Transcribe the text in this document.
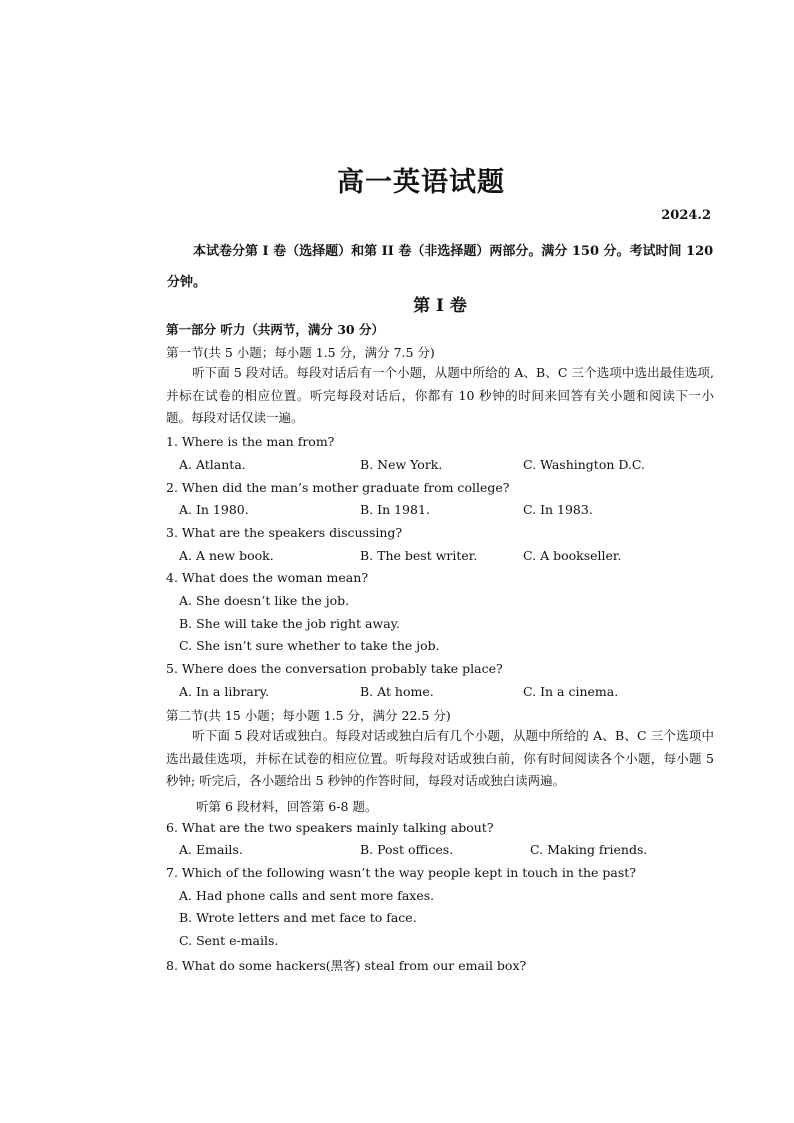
高一英语试题
2024.2
本试卷分第 I 卷（选择题）和第 II 卷（非选择题）两部分。满分 150 分。考试时间 120 分钟。
第 I 卷
第一部分 听力（共两节，满分 30 分）
第一节(共 5 小题；每小题 1.5 分，满分 7.5 分)
听下面 5 段对话。每段对话后有一个小题，从题中所给的 A、B、C 三个选项中选出最佳选项,并标在试卷的相应位置。听完每段对话后，你都有 10 秒钟的时间来回答有关小题和阅读下一小题。每段对话仅读一遍。
1. Where is the man from?
A. Atlanta.	B. New York.	C. Washington D.C.
2. When did the man’s mother graduate from college?
A. In 1980.	B. In 1981.	C. In 1983.
3. What are the speakers discussing?
A. A new book.	B. The best writer.	C. A bookseller.
4. What does the woman mean?
A. She doesn’t like the job.
B. She will take the job right away.
C. She isn’t sure whether to take the job.
5. Where does the conversation probably take place?
A. In a library.	B. At home.	C. In a cinema.
第二节(共 15 小题；每小题 1.5 分，满分 22.5 分)
听下面 5 段对话或独白。每段对话或独白后有几个小题，从题中所给的 A、B、C 三个选项中选出最佳选项，并标在试卷的相应位置。听每段对话或独白前，你有时间阅读各个小题，每小题 5 秒钟; 听完后，各小题给出 5 秒钟的作答时间，每段对话或独白读两遍。
听第 6 段材料，回答第 6-8 题。
6. What are the two speakers mainly talking about?
A. Emails.	B. Post offices.	C. Making friends.
7. Which of the following wasn’t the way people kept in touch in the past?
A. Had phone calls and sent more faxes.
B. Wrote letters and met face to face.
C. Sent e-mails.
8. What do some hackers(黑客) steal from our email box?
